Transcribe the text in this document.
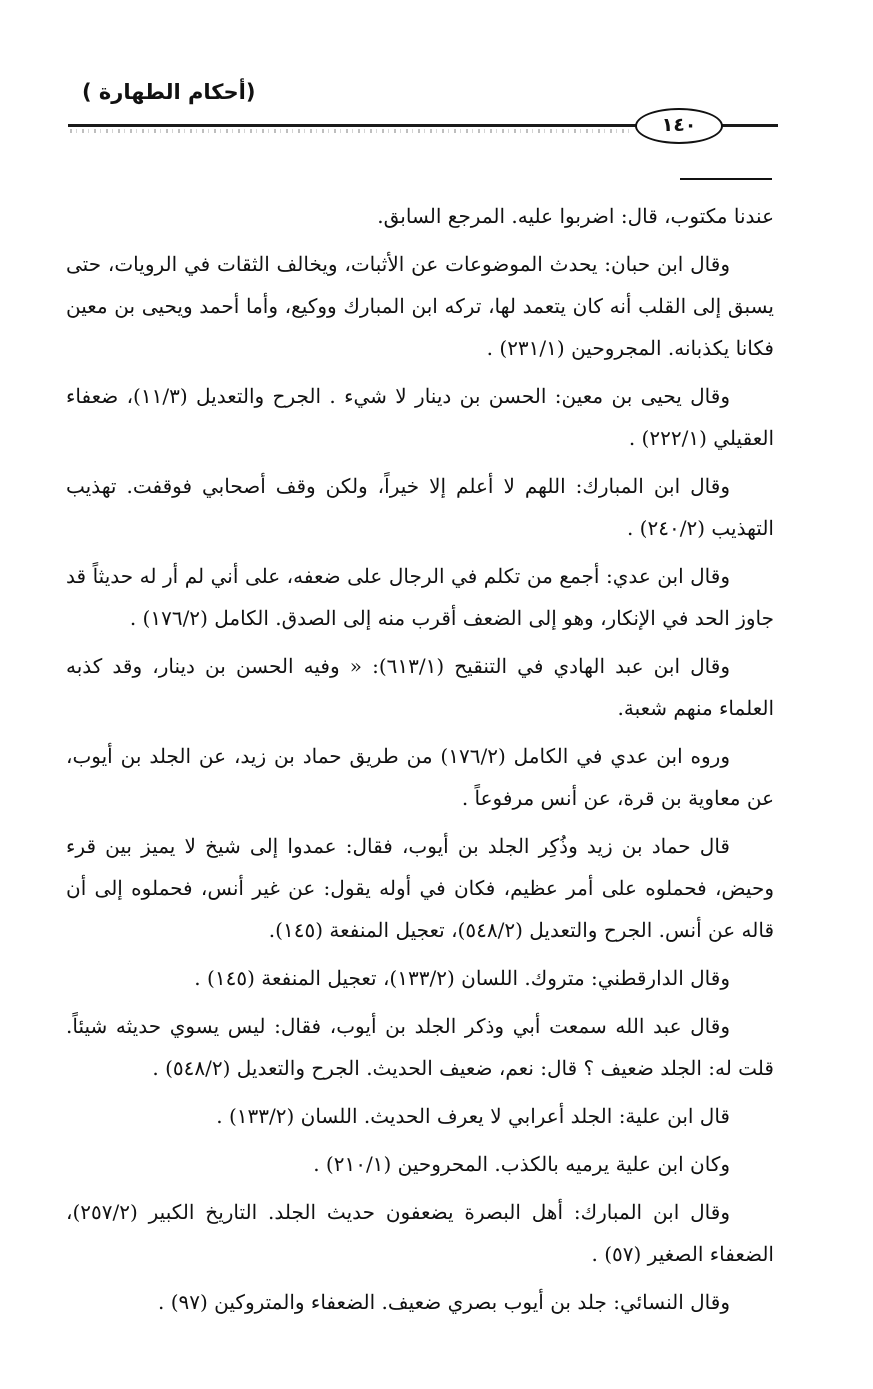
(أحكام الطهارة )
١٤٠

عندنا مكتوب، قال: اضربوا عليه. المرجع السابق.

وقال ابن حبان: يحدث الموضوعات عن الأثبات، ويخالف الثقات في الرويات، حتى يسبق إلى القلب أنه كان يتعمد لها، تركه ابن المبارك ووكيع، وأما أحمد ويحيى بن معين فكانا يكذبانه. المجروحين (٢٣١/١) .

وقال يحيى بن معين: الحسن بن دينار لا شيء . الجرح والتعديل (١١/٣)، ضعفاء العقيلي (٢٢٢/١) .

وقال ابن المبارك: اللهم لا أعلم إلا خيراً، ولكن وقف أصحابي فوقفت. تهذيب التهذيب (٢٤٠/٢) .

وقال ابن عدي: أجمع من تكلم في الرجال على ضعفه، على أني لم أر له حديثاً قد جاوز الحد في الإنكار، وهو إلى الضعف أقرب منه إلى الصدق. الكامل (١٧٦/٢) .

وقال ابن عبد الهادي في التنقيح (٦١٣/١): « وفيه الحسن بن دينار، وقد كذبه العلماء منهم شعبة.

وروه ابن عدي في الكامل (١٧٦/٢) من طريق حماد بن زيد، عن الجلد بن أيوب، عن معاوية بن قرة، عن أنس مرفوعاً .

قال حماد بن زيد وذُكِر الجلد بن أيوب، فقال: عمدوا إلى شيخ لا يميز بين قرء وحيض، فحملوه على أمر عظيم، فكان في أوله يقول: عن غير أنس، فحملوه إلى أن قاله عن أنس. الجرح والتعديل (٥٤٨/٢)، تعجيل المنفعة (١٤٥).

وقال الدارقطني: متروك. اللسان (١٣٣/٢)، تعجيل المنفعة (١٤٥) .

وقال عبد الله سمعت أبي وذكر الجلد بن أيوب، فقال: ليس يسوي حديثه شيئاً. قلت له: الجلد ضعيف ؟ قال: نعم، ضعيف الحديث. الجرح والتعديل (٥٤٨/٢) .

قال ابن علية: الجلد أعرابي لا يعرف الحديث. اللسان (١٣٣/٢) .

وكان ابن علية يرميه بالكذب. المحروحين (٢١٠/١) .

وقال ابن المبارك: أهل البصرة يضعفون حديث الجلد. التاريخ الكبير (٢٥٧/٢)، الضعفاء الصغير (٥٧) .

وقال النسائي: جلد بن أيوب بصري ضعيف. الضعفاء والمتروكين (٩٧) .
